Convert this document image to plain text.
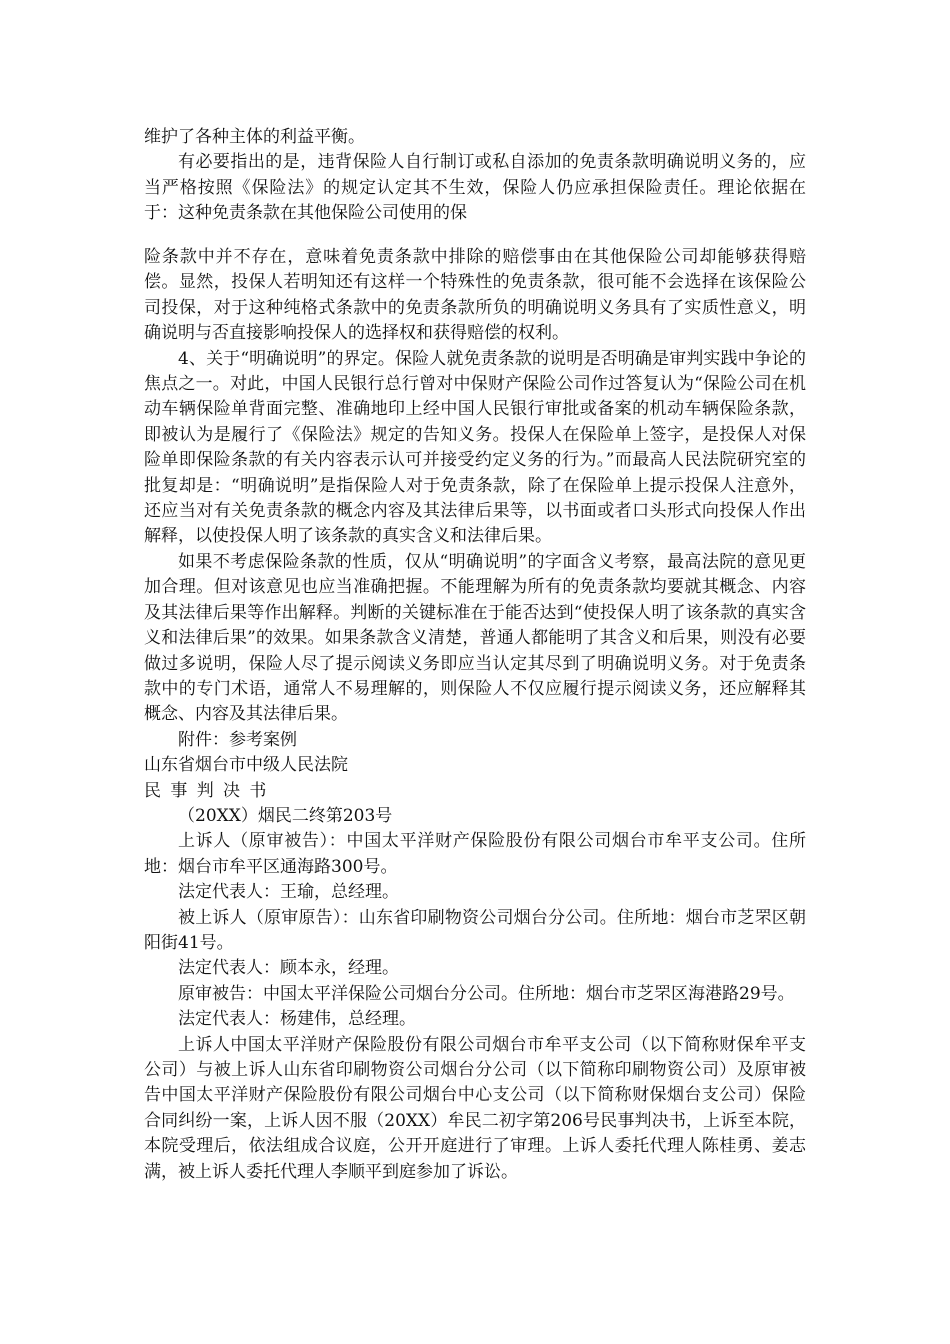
维护了各种主体的利益平衡。

有必要指出的是，违背保险人自行制订或私自添加的免责条款明确说明义务的，应当严格按照《保险法》的规定认定其不生效，保险人仍应承担保险责任。理论依据在于：这种免责条款在其他保险公司使用的保

险条款中并不存在，意味着免责条款中排除的赔偿事由在其他保险公司却能够获得赔偿。显然，投保人若明知还有这样一个特殊性的免责条款，很可能不会选择在该保险公司投保，对于这种纯格式条款中的免责条款所负的明确说明义务具有了实质性意义，明确说明与否直接影响投保人的选择权和获得赔偿的权利。

4、关于“明确说明”的界定。保险人就免责条款的说明是否明确是审判实践中争论的焦点之一。对此，中国人民银行总行曾对中保财产保险公司作过答复认为“保险公司在机动车辆保险单背面完整、准确地印上经中国人民银行审批或备案的机动车辆保险条款，即被认为是履行了《保险法》规定的告知义务。投保人在保险单上签字，是投保人对保险单即保险条款的有关内容表示认可并接受约定义务的行为。”而最高人民法院研究室的批复却是：“明确说明”是指保险人对于免责条款，除了在保险单上提示投保人注意外，还应当对有关免责条款的概念内容及其法律后果等，以书面或者口头形式向投保人作出解释，以使投保人明了该条款的真实含义和法律后果。

如果不考虑保险条款的性质，仅从“明确说明”的字面含义考察，最高法院的意见更加合理。但对该意见也应当准确把握。不能理解为所有的免责条款均要就其概念、内容及其法律后果等作出解释。判断的关键标准在于能否达到“使投保人明了该条款的真实含义和法律后果”的效果。如果条款含义清楚，普通人都能明了其含义和后果，则没有必要做过多说明，保险人尽了提示阅读义务即应当认定其尽到了明确说明义务。对于免责条款中的专门术语，通常人不易理解的，则保险人不仅应履行提示阅读义务，还应解释其概念、内容及其法律后果。

附件：参考案例

山东省烟台市中级人民法院

民事判决书

（20XX）烟民二终第203号

上诉人（原审被告）：中国太平洋财产保险股份有限公司烟台市牟平支公司。住所地：烟台市牟平区通海路300号。

法定代表人：王瑜，总经理。

被上诉人（原审原告）：山东省印刷物资公司烟台分公司。住所地：烟台市芝罘区朝阳街41号。

法定代表人：顾本永，经理。

原审被告：中国太平洋保险公司烟台分公司。住所地：烟台市芝罘区海港路29号。

法定代表人：杨建伟，总经理。

上诉人中国太平洋财产保险股份有限公司烟台市牟平支公司（以下简称财保牟平支公司）与被上诉人山东省印刷物资公司烟台分公司（以下简称印刷物资公司）及原审被告中国太平洋财产保险股份有限公司烟台中心支公司（以下简称财保烟台支公司）保险合同纠纷一案，上诉人因不服（20XX）牟民二初字第206号民事判决书，上诉至本院，本院受理后，依法组成合议庭，公开开庭进行了审理。上诉人委托代理人陈桂勇、姜志满，被上诉人委托代理人李顺平到庭参加了诉讼。
